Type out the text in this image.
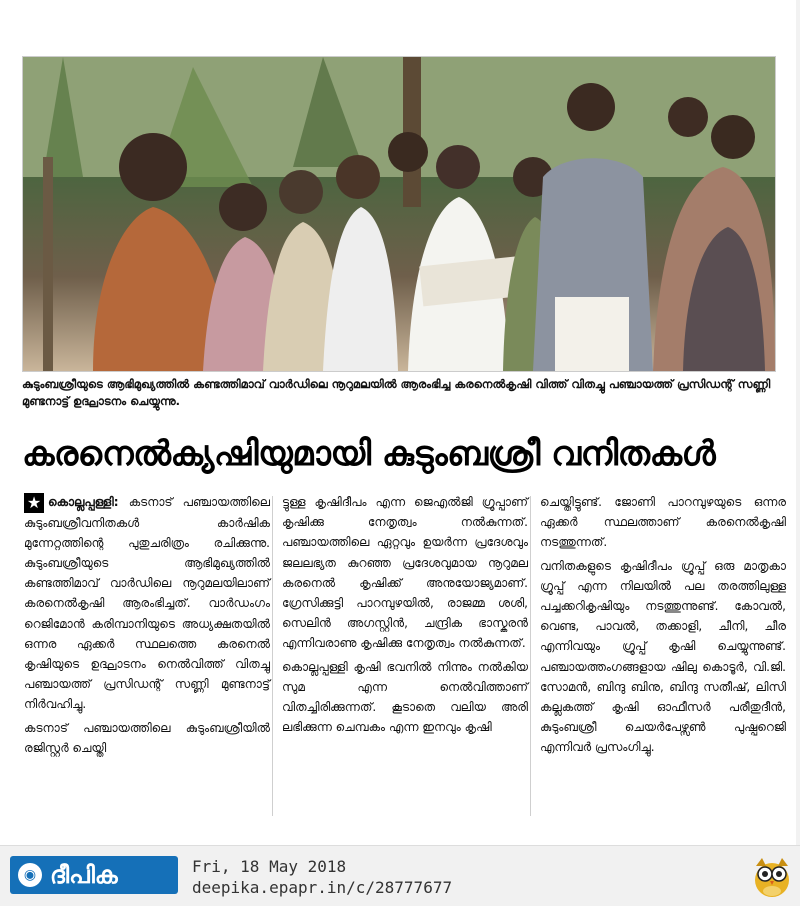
കുടുംബശ്രീയുടെ ആഭിമുഖ്യത്തിൽ കണ്ടത്തിമാവ് വാർഡിലെ നൂറുമലയിൽ ആരംഭിച്ച കരനെൽകൃഷി വിത്ത് വിതച്ചു പഞ്ചായത്ത് പ്രസിഡന്റ് സണ്ണി മുണ്ടനാട്ട് ഉദ്ഘാടനം ചെയ്യുന്നു.
കരനെൽക്യഷിയുമായി കുടുംബശ്രീ വനിതകൾ

★ കൊല്ലപ്പള്ളി: കടനാട് പഞ്ചായത്തിലെ കുടുംബശ്രീവനിതകൾ കാർഷിക മുന്നേറ്റത്തിന്റെ പുതുചരിത്രം രചിക്കുന്നു. കുടുംബശ്രീയുടെ ആഭിമുഖ്യത്തിൽ കണ്ടത്തിമാവ് വാർഡിലെ നൂറുമലയിലാണ് കരനെൽകൃഷി ആരംഭിച്ചത്. വാർഡംഗം റെജിമോൻ കരിമ്പാനിയുടെ അധ്യക്ഷതയിൽ ഒന്നര ഏക്കർ സ്ഥലത്തെ കരനെൽ കൃഷിയുടെ ഉദ്ഘാടനം നെൽവിത്ത് വിതച്ചു പഞ്ചായത്ത് പ്രസിഡന്റ് സണ്ണി മുണ്ടനാട്ട് നിർവഹിച്ചു.

കടനാട് പഞ്ചായത്തിലെ കുടുംബശ്രീയിൽ രജിസ്റ്റർ ചെയ്തി

ട്ടുള്ള കൃഷിദീപം എന്ന ജെഎൽജി ഗ്രൂപ്പാണ് കൃഷിക്കു നേതൃത്വം നൽകുന്നത്. പഞ്ചായത്തിലെ ഏറ്റവും ഉയർന്ന പ്രദേശവും ജലലഭ്യത കുറഞ്ഞ പ്രദേശവുമായ നൂറുമല കരനെൽ കൃഷിക്ക് അനുയോജ്യമാണ്. ഗ്രേസിക്കുട്ടി പാറമ്പുഴയിൽ, രാജമ്മ ശശി, സെലിൻ അഗസ്റ്റിൻ, ചന്ദ്രിക ഭാസ്കരൻ എന്നിവരാണു കൃഷിക്കു നേതൃത്വം നൽകുന്നത്.

കൊല്ലപ്പള്ളി കൃഷി ഭവനിൽ നിന്നും നൽകിയ സുമ എന്ന നെൽവിത്താണ് വിതച്ചിരിക്കുന്നത്. കൂടാതെ വലിയ അരി ലഭിക്കുന്ന ചെമ്പകം എന്ന ഇനവും കൃഷി

ചെയ്തിട്ടുണ്ട്. ജോണി പാറമ്പുഴയുടെ ഒന്നര ഏക്കർ സ്ഥലത്താണ് കരനെൽകൃഷി നടത്തുന്നത്.

വനിതകളുടെ കൃഷിദീപം ഗ്രൂപ്പ് ഒരു മാതൃകാ ഗ്രൂപ്പ് എന്ന നിലയിൽ പല തരത്തിലുള്ള പച്ചക്കറികൃഷിയും നടത്തുന്നുണ്ട്. കോവൽ, വെണ്ട, പാവൽ, തക്കാളി, ചീനി, ചീര എന്നിവയും ഗ്രൂപ്പ് കൃഷി ചെയ്യുന്നുണ്ട്. പഞ്ചായത്തംഗങ്ങളായ ഷിലു കൊടൂർ, വി.ജി. സോമൻ, ബിന്ദു ബിനു, ബിന്ദു സതീഷ്, ലിസി കല്ലകത്ത് കൃഷി ഓഫീസർ പരീതുദീൻ, കുടുംബശ്രീ ചെയർപേഴ്സൺ പുഷ്പറെജി എന്നിവർ പ്രസംഗിച്ചു.

◉ ദീപിക	Fri, 18 May 2018
deepika.epapr.in/c/28777677
